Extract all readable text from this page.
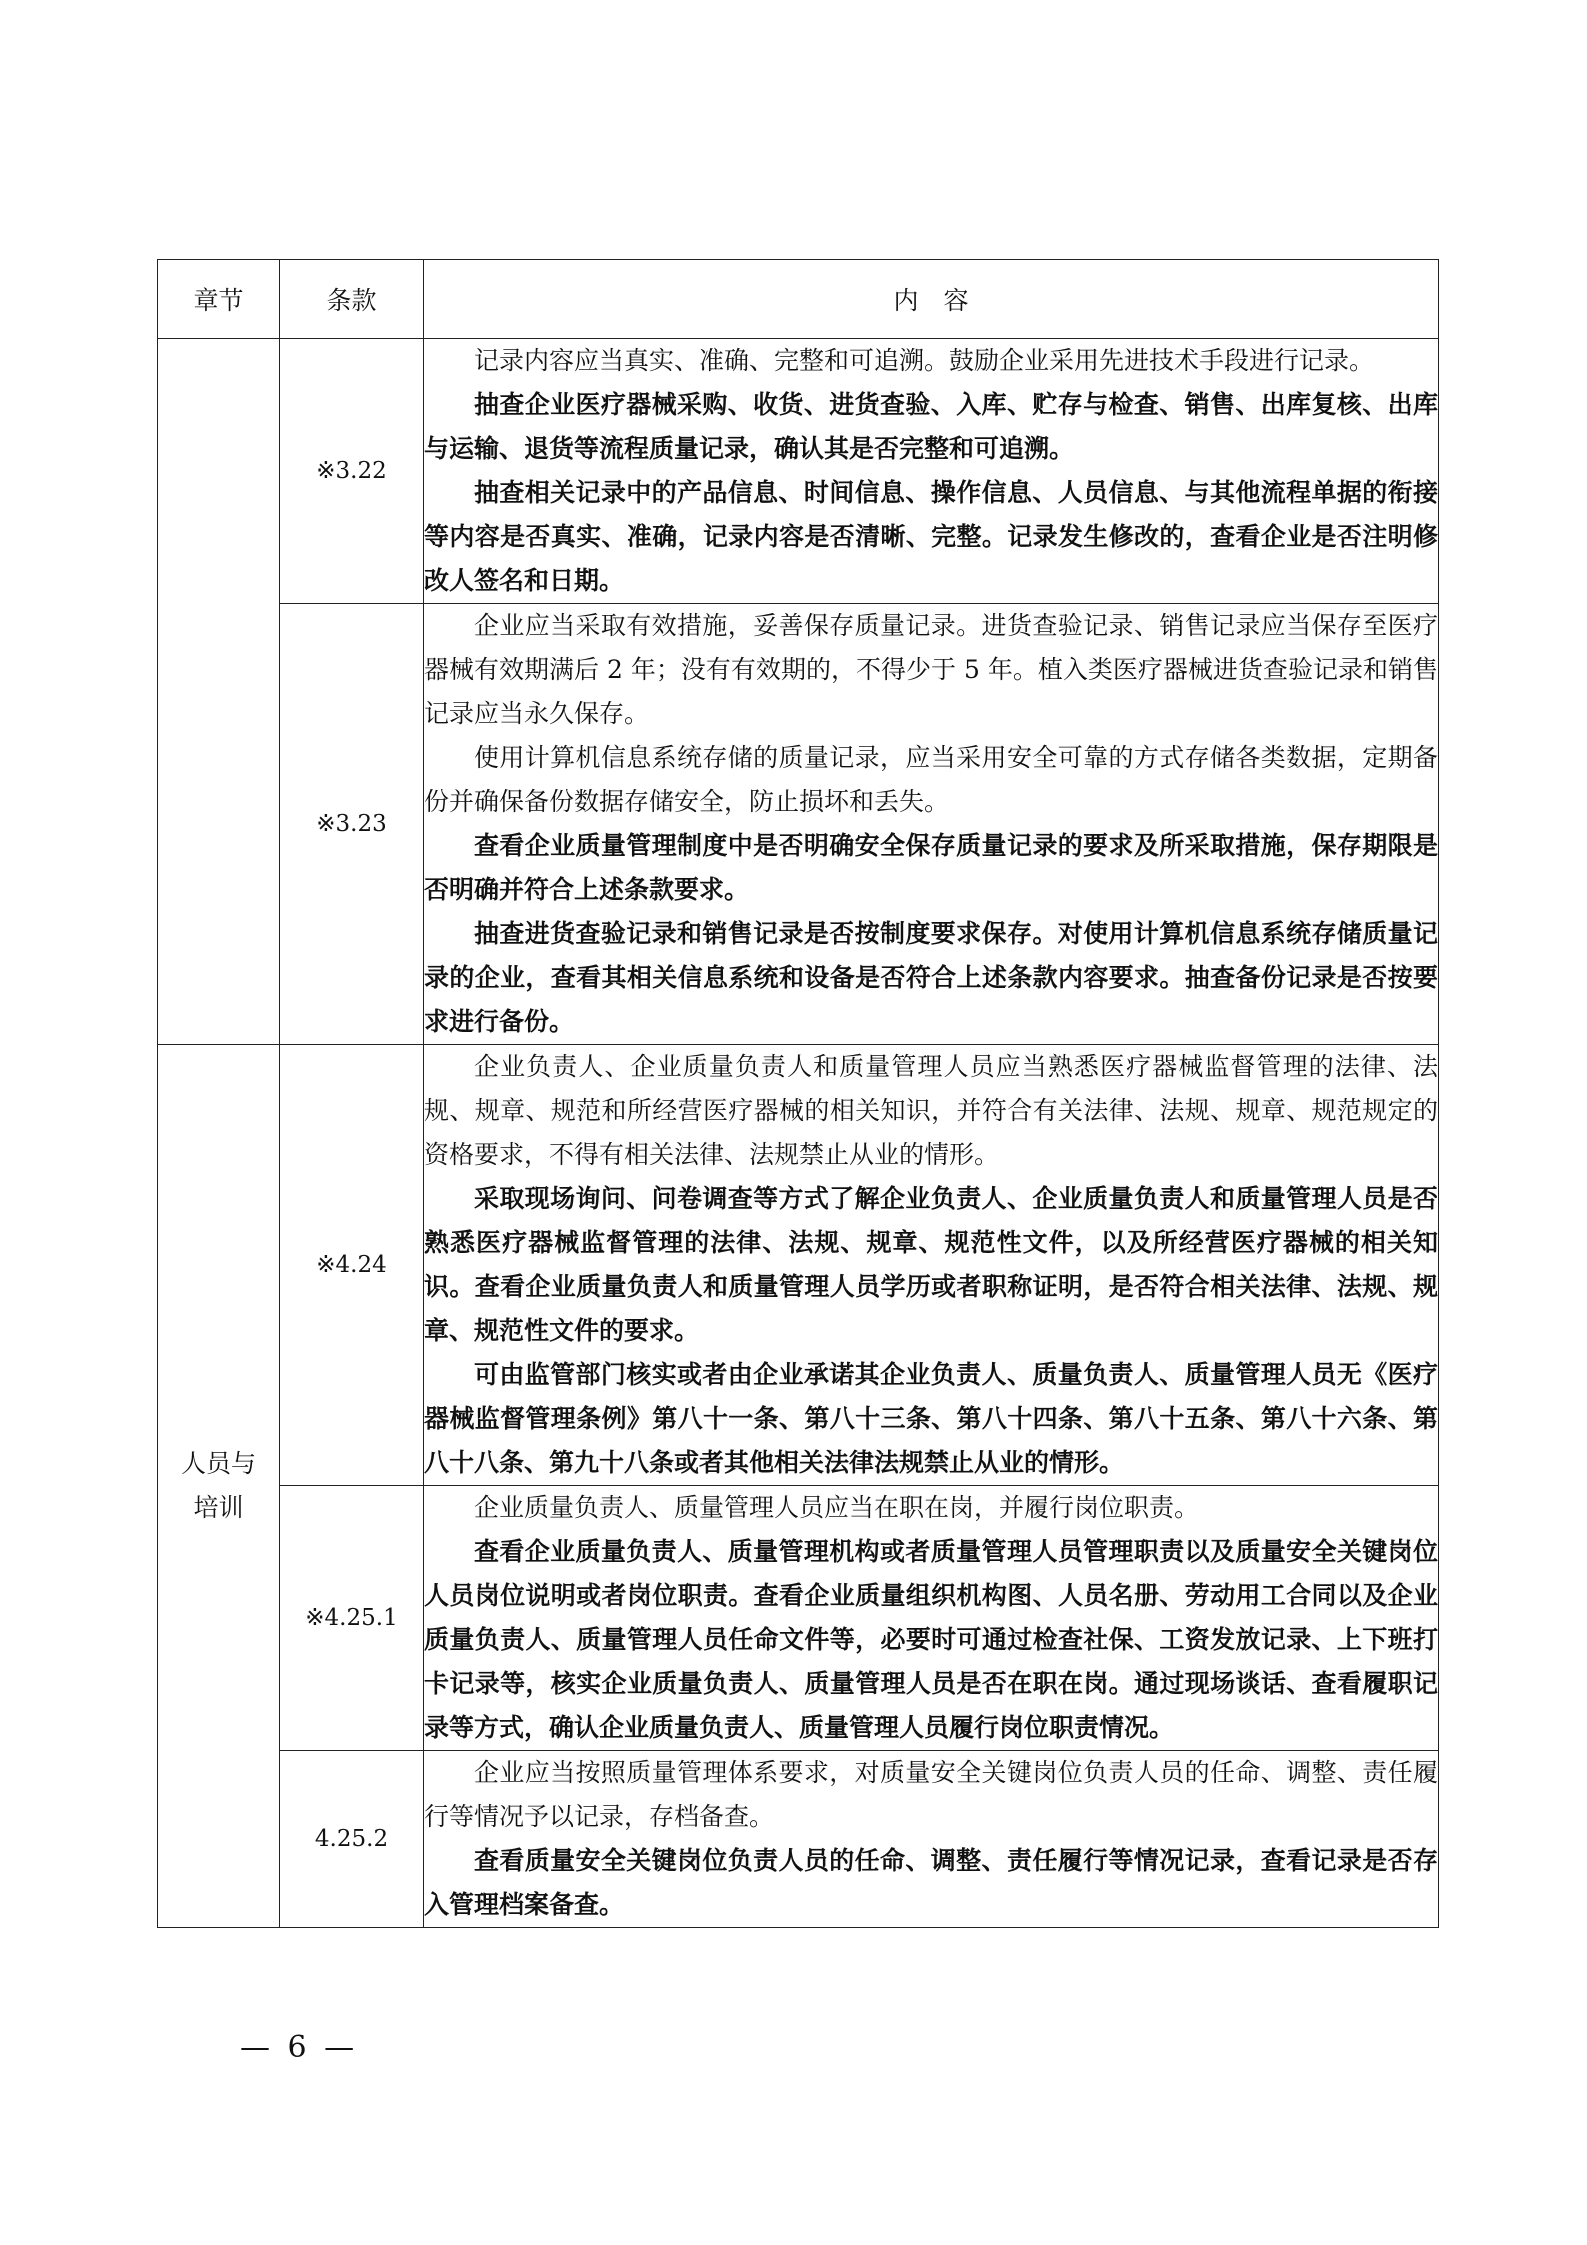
章节	条款	内　容
	※3.22	记录内容应当真实、准确、完整和可追溯。鼓励企业采用先进技术手段进行记录。

抽查企业医疗器械采购、收货、进货查验、入库、贮存与检查、销售、出库复核、出库与运输、退货等流程质量记录，确认其是否完整和可追溯。

抽查相关记录中的产品信息、时间信息、操作信息、人员信息、与其他流程单据的衔接等内容是否真实、准确，记录内容是否清晰、完整。记录发生修改的，查看企业是否注明修改人签名和日期。

	※3.23	企业应当采取有效措施，妥善保存质量记录。进货查验记录、销售记录应当保存至医疗器械有效期满后 2 年；没有有效期的，不得少于 5 年。植入类医疗器械进货查验记录和销售记录应当永久保存。

使用计算机信息系统存储的质量记录，应当采用安全可靠的方式存储各类数据，定期备份并确保备份数据存储安全，防止损坏和丢失。

查看企业质量管理制度中是否明确安全保存质量记录的要求及所采取措施，保存期限是否明确并符合上述条款要求。

抽查进货查验记录和销售记录是否按制度要求保存。对使用计算机信息系统存储质量记录的企业，查看其相关信息系统和设备是否符合上述条款内容要求。抽查备份记录是否按要求进行备份。

人员与培训	※4.24	企业负责人、企业质量负责人和质量管理人员应当熟悉医疗器械监督管理的法律、法规、规章、规范和所经营医疗器械的相关知识，并符合有关法律、法规、规章、规范规定的资格要求，不得有相关法律、法规禁止从业的情形。

采取现场询问、问卷调查等方式了解企业负责人、企业质量负责人和质量管理人员是否熟悉医疗器械监督管理的法律、法规、规章、规范性文件，以及所经营医疗器械的相关知识。查看企业质量负责人和质量管理人员学历或者职称证明，是否符合相关法律、法规、规章、规范性文件的要求。

可由监管部门核实或者由企业承诺其企业负责人、质量负责人、质量管理人员无《医疗器械监督管理条例》第八十一条、第八十三条、第八十四条、第八十五条、第八十六条、第八十八条、第九十八条或者其他相关法律法规禁止从业的情形。

	※4.25.1	企业质量负责人、质量管理人员应当在职在岗，并履行岗位职责。

查看企业质量负责人、质量管理机构或者质量管理人员管理职责以及质量安全关键岗位人员岗位说明或者岗位职责。查看企业质量组织机构图、人员名册、劳动用工合同以及企业质量负责人、质量管理人员任命文件等，必要时可通过检查社保、工资发放记录、上下班打卡记录等，核实企业质量负责人、质量管理人员是否在职在岗。通过现场谈话、查看履职记录等方式，确认企业质量负责人、质量管理人员履行岗位职责情况。

	4.25.2	企业应当按照质量管理体系要求，对质量安全关键岗位负责人员的任命、调整、责任履行等情况予以记录，存档备查。

查看质量安全关键岗位负责人员的任命、调整、责任履行等情况记录，查看记录是否存入管理档案备查。

— 6 —
